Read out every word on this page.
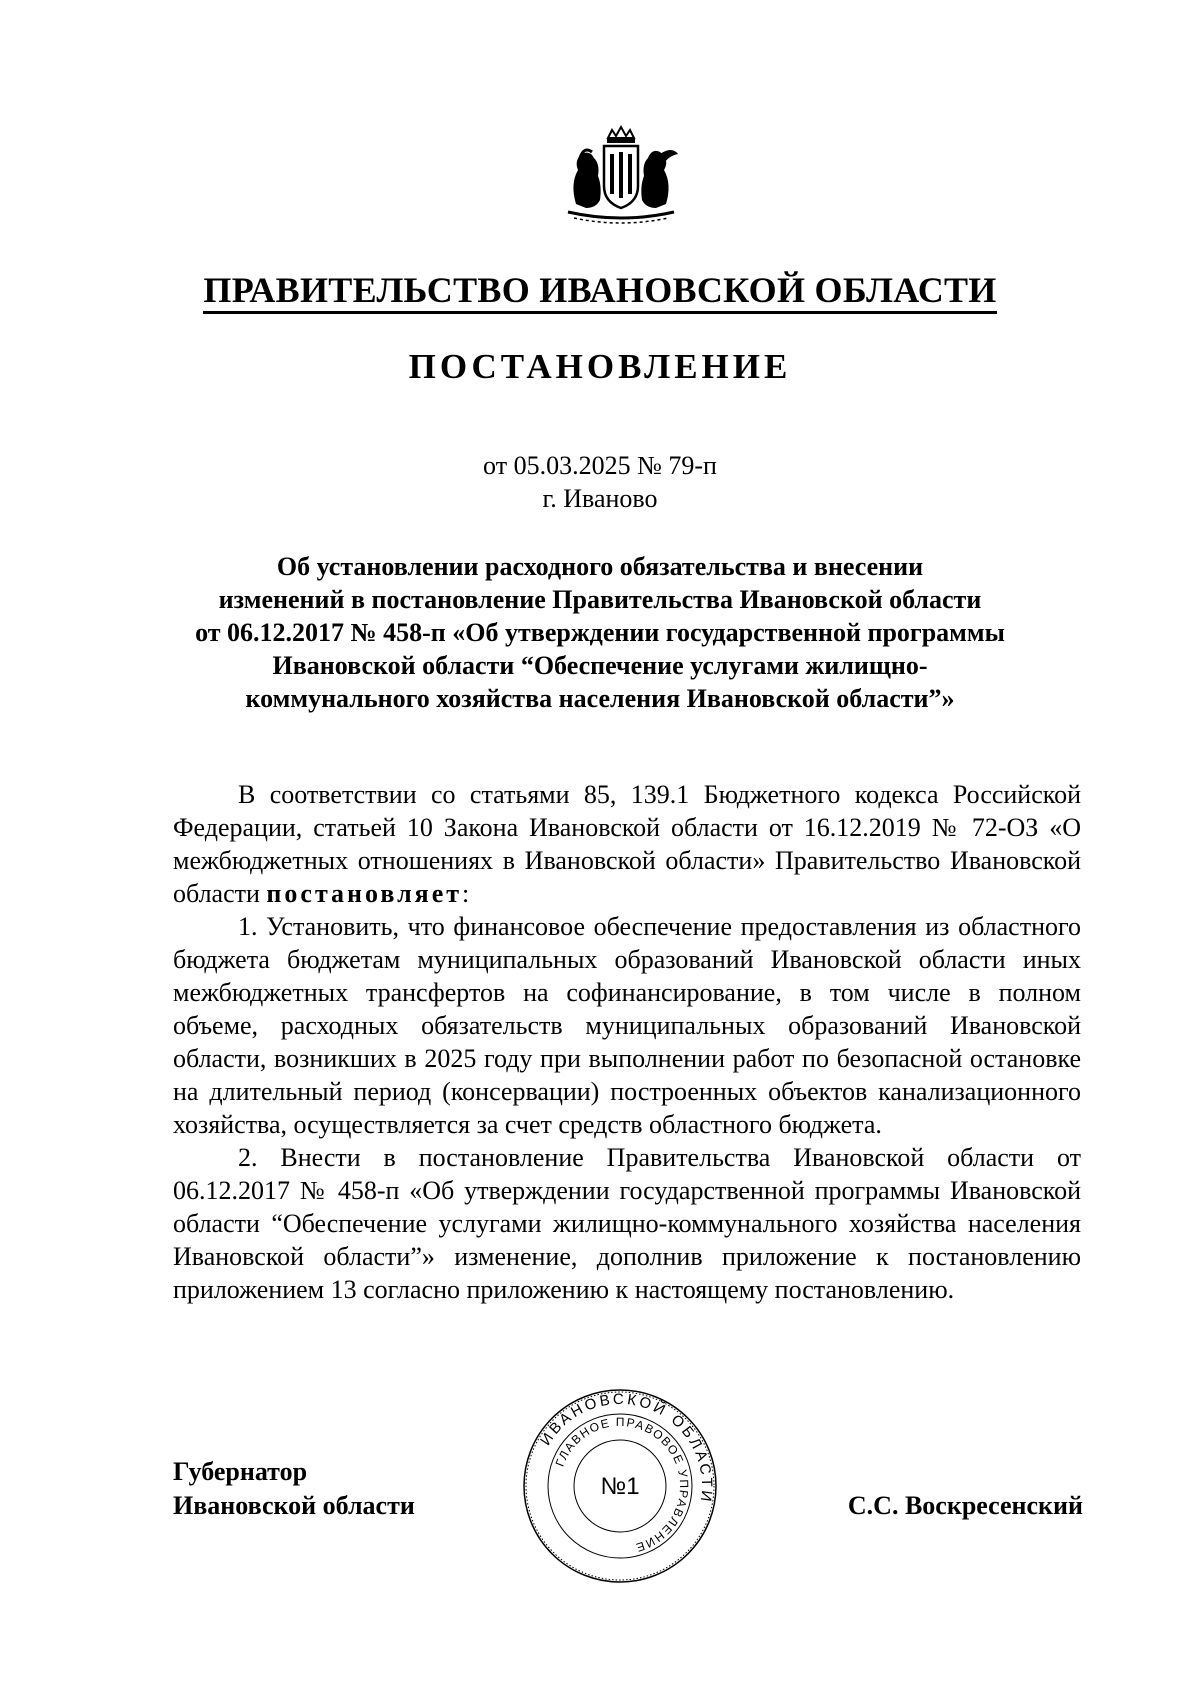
ПРАВИТЕЛЬСТВО ИВАНОВСКОЙ ОБЛАСТИ
ПОСТАНОВЛЕНИЕ
от 05.03.2025 № 79-п
г. Иваново
Об установлении расходного обязательства и внесении
изменений в постановление Правительства Ивановской области
от 06.12.2017 № 458-п «Об утверждении государственной программы
Ивановской области “Обеспечение услугами жилищно-
коммунального хозяйства населения Ивановской области”»

В соответствии со статьями 85, 139.1 Бюджетного кодекса Российской Федерации, статьей 10 Закона Ивановской области от 16.12.2019 № 72-ОЗ «О межбюджетных отношениях в Ивановской области» Правительство Ивановской области постановляет:

1. Установить, что финансовое обеспечение предоставления из областного бюджета бюджетам муниципальных образований Ивановской области иных межбюджетных трансфертов на софинансирование, в том числе в полном объеме, расходных обязательств муниципальных образований Ивановской области, возникших в 2025 году при выполнении работ по безопасной остановке на длительный период (консервации) построенных объектов канализационного хозяйства, осуществляется за счет средств областного бюджета.

2. Внести в постановление Правительства Ивановской области от 06.12.2017 № 458-п «Об утверждении государственной программы Ивановской области “Обеспечение услугами жилищно-коммунального хозяйства населения Ивановской области”» изменение, дополнив приложение к постановлению приложением 13 согласно приложению к настоящему постановлению.

Губернатор
Ивановской области
ИВАНОВСКОЙ ОБЛАСТИ
ГЛАВНОЕ ПРАВОВОЕ УПРАВЛЕНИЕ
№1
С.С. Воскресенский
